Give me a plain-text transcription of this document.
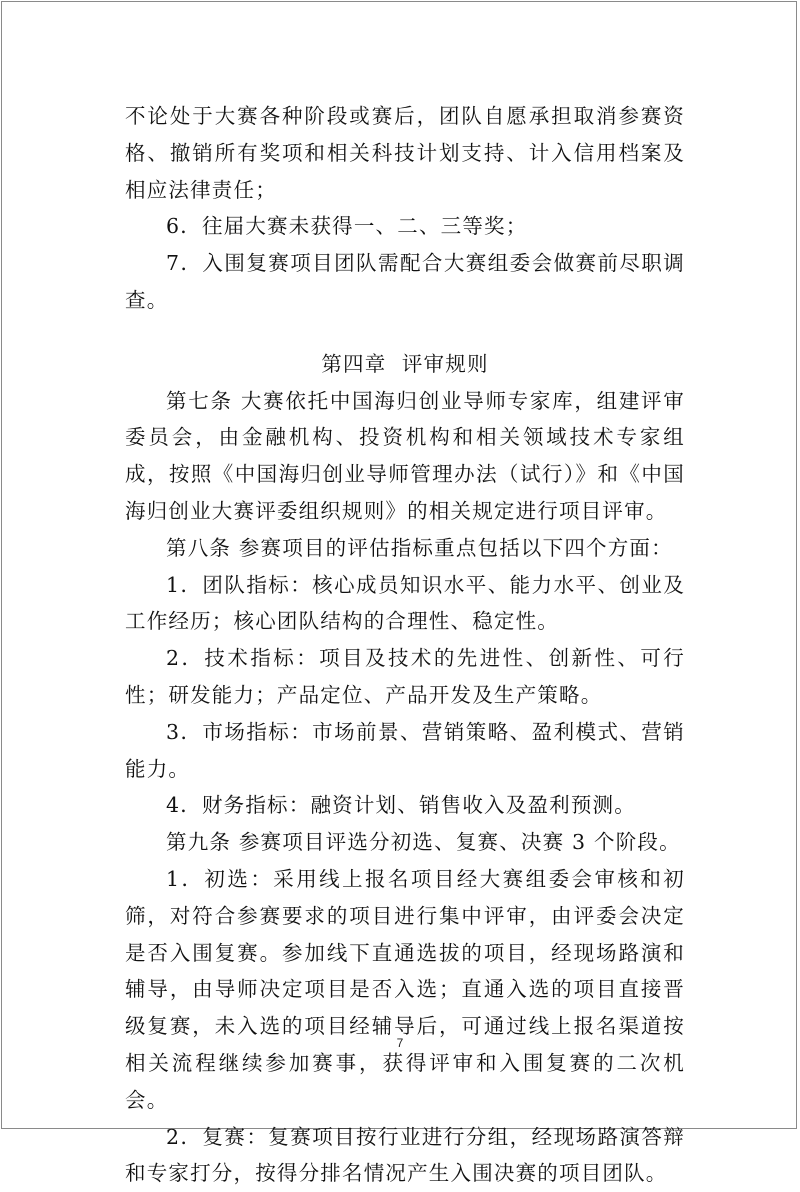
不论处于大赛各种阶段或赛后，团队自愿承担取消参赛资格、撤销所有奖项和相关科技计划支持、计入信用档案及相应法律责任；

6．往届大赛未获得一、二、三等奖；

7．入围复赛项目团队需配合大赛组委会做赛前尽职调查。

第四章  评审规则

第七条 大赛依托中国海归创业导师专家库，组建评审委员会，由金融机构、投资机构和相关领域技术专家组成，按照《中国海归创业导师管理办法（试行）》和《中国海归创业大赛评委组织规则》的相关规定进行项目评审。

第八条 参赛项目的评估指标重点包括以下四个方面：

1．团队指标：核心成员知识水平、能力水平、创业及工作经历；核心团队结构的合理性、稳定性。

2．技术指标：项目及技术的先进性、创新性、可行性；研发能力；产品定位、产品开发及生产策略。

3．市场指标：市场前景、营销策略、盈利模式、营销能力。

4．财务指标：融资计划、销售收入及盈利预测。

第九条 参赛项目评选分初选、复赛、决赛 3 个阶段。

1．初选：采用线上报名项目经大赛组委会审核和初筛，对符合参赛要求的项目进行集中评审，由评委会决定是否入围复赛。参加线下直通选拔的项目，经现场路演和辅导，由导师决定项目是否入选；直通入选的项目直接晋级复赛，未入选的项目经辅导后，可通过线上报名渠道按相关流程继续参加赛事，获得评审和入围复赛的二次机会。

2．复赛：复赛项目按行业进行分组，经现场路演答辩和专家打分，按得分排名情况产生入围决赛的项目团队。

7
